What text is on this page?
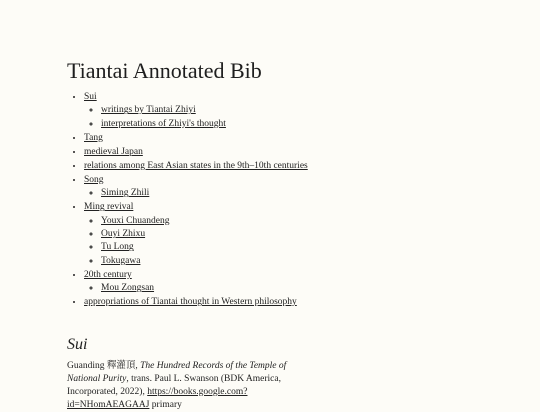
Tiantai Annotated Bib
• Sui
◦ writings by Tiantai Zhiyi
◦ interpretations of Zhiyi's thought
• Tang
• medieval Japan
• relations among East Asian states in the 9th–10th centuries
• Song
◦ Siming Zhili
• Ming revival
◦ Youxi Chuandeng
◦ Ouyi Zhixu
◦ Tu Long
◦ Tokugawa
• 20th century
◦ Mou Zongsan
• appropriations of Tiantai thought in Western philosophy
Sui

Guanding 釋灌頂, The Hundred Records of the Temple of National Purity, trans. Paul L. Swanson (BDK America, Incorporated, 2022), https://books.google.com?id=NHomAEAGAAJ primary
